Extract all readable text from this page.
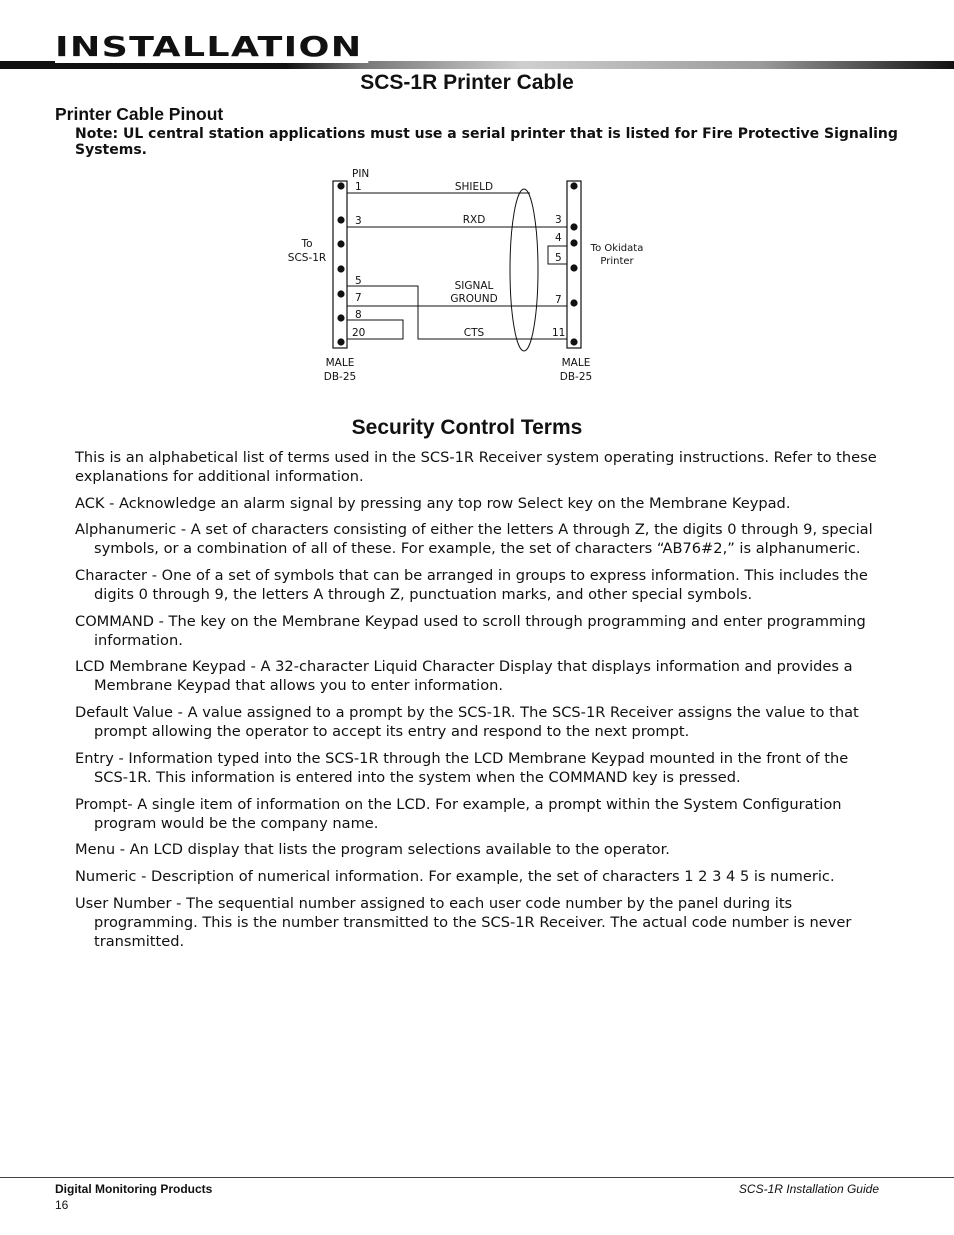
INSTALLATION
SCS-1R Printer Cable
Printer Cable Pinout
Note: UL central station applications must use a serial printer that is listed for Fire Protective Signaling Systems.
PIN
1
3
5
7
8
20
3
4
5
7
11
SHIELD
RXD
SIGNAL
GROUND
CTS
To
SCS-1R
MALE
DB-25
To Okidata
Printer
MALE
DB-25
Security Control Terms

This is an alphabetical list of terms used in the SCS-1R Receiver system operating instructions. Refer to these explanations for additional information.

ACK - Acknowledge an alarm signal by pressing any top row Select key on the Membrane Keypad.

Alphanumeric - A set of characters consisting of either the letters A through Z, the digits 0 through 9, special symbols, or a combination of all of these. For example, the set of characters “AB76#2,” is alphanumeric.

Character - One of a set of symbols that can be arranged in groups to express information. This includes the digits 0 through 9, the letters A through Z, punctuation marks, and other special symbols.

COMMAND - The key on the Membrane Keypad used to scroll through programming and enter programming information.

LCD Membrane Keypad - A 32-character Liquid Character Display that displays information and provides a Membrane Keypad that allows you to enter information.

Default Value - A value assigned to a prompt by the SCS-1R. The SCS-1R Receiver assigns the value to that prompt allowing the operator to accept its entry and respond to the next prompt.

Entry - Information typed into the SCS-1R through the LCD Membrane Keypad mounted in the front of the SCS-1R. This information is entered into the system when the COMMAND key is pressed.

Prompt- A single item of information on the LCD. For example, a prompt within the System Configuration program would be the company name.

Menu - An LCD display that lists the program selections available to the operator.

Numeric - Description of numerical information. For example, the set of characters 1 2 3 4 5 is numeric.

User Number - The sequential number assigned to each user code number by the panel during its programming. This is the number transmitted to the SCS-1R Receiver. The actual code number is never transmitted.

Digital Monitoring Products
16
SCS-1R Installation Guide
